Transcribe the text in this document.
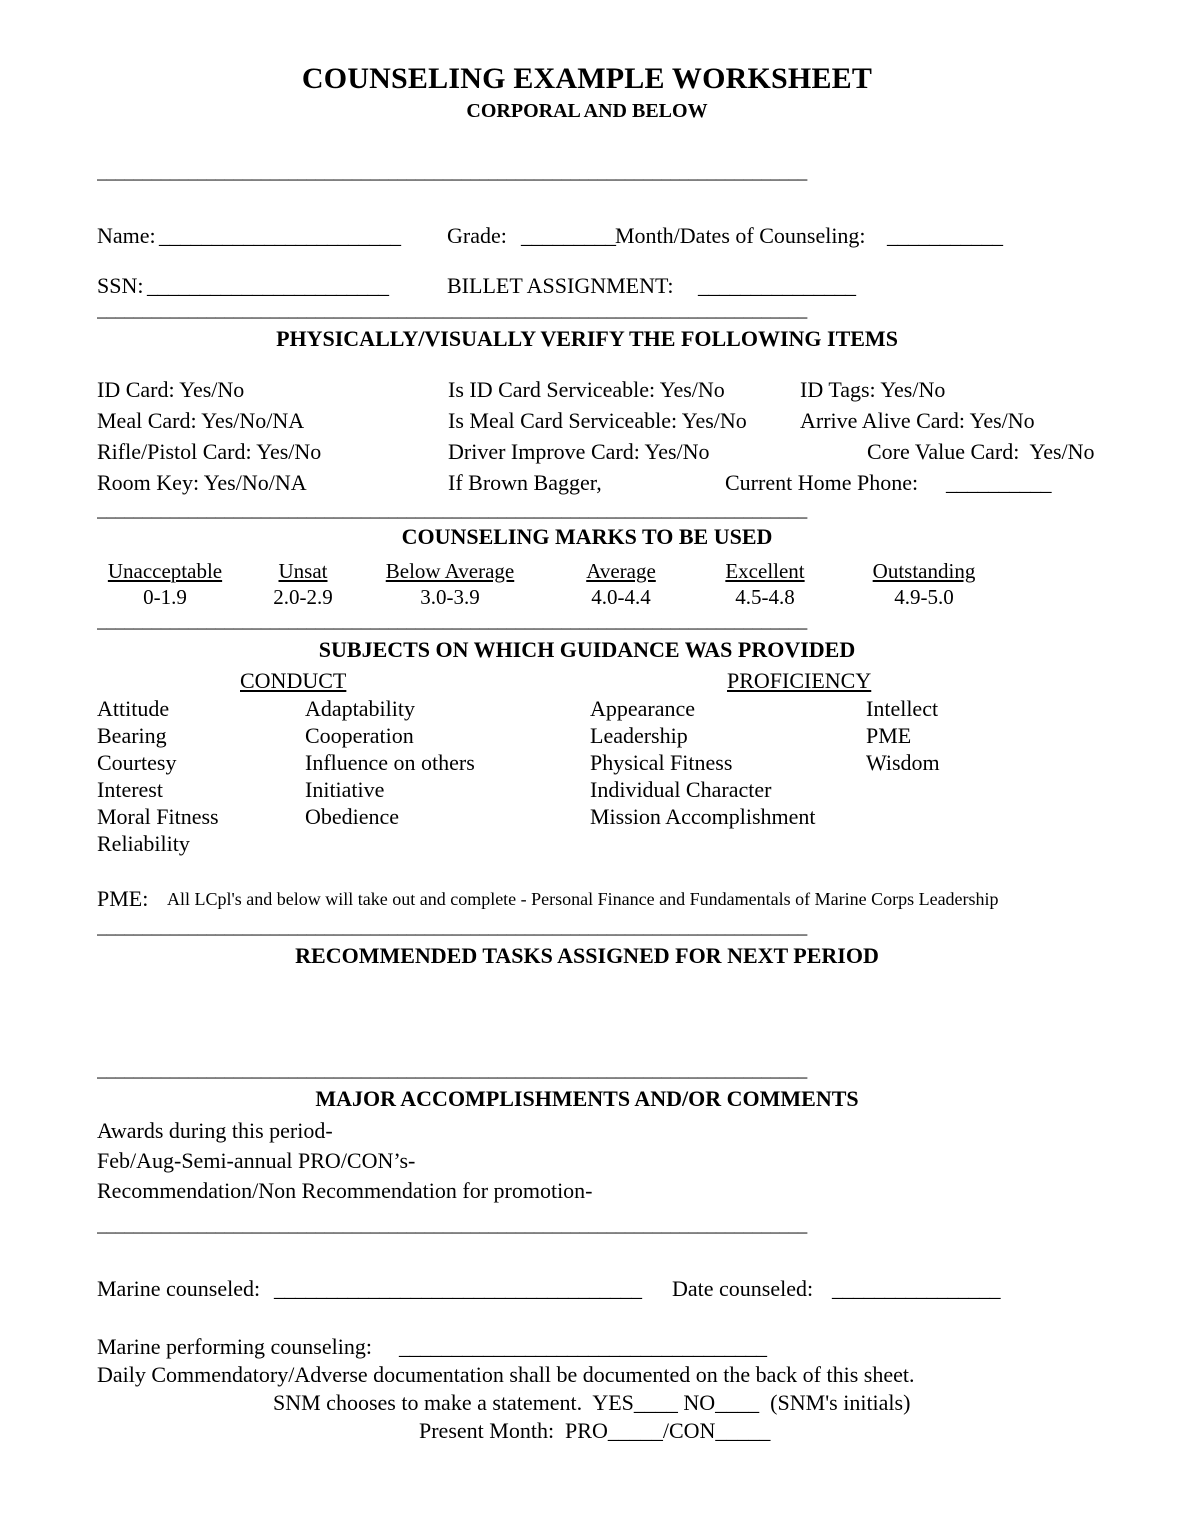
COUNSELING EXAMPLE WORKSHEET
CORPORAL AND BELOW
______________________________________________________________________________
Name: _______________________ Grade: _________ Month/Dates of Counseling: ___________
SSN: _______________________	BILLET ASSIGNMENT: _______________
______________________________________________________________________________
PHYSICALLY/VISUALLY VERIFY THE FOLLOWING ITEMS
ID Card: Yes/No
Meal Card: Yes/No/NA
Rifle/Pistol Card: Yes/No
Room Key: Yes/No/NA
Is ID Card Serviceable: Yes/No
Is Meal Card Serviceable: Yes/No
Driver Improve Card: Yes/No
If Brown Bagger,
ID Tags: Yes/No
Arrive Alive Card: Yes/No
Core Value Card:  Yes/No
Current Home Phone: __________
______________________________________________________________________________
COUNSELING MARKS TO BE USED
Unacceptable
0-1.9
Unsat
2.0-2.9
Below Average
3.0-3.9
Average
4.0-4.4
Excellent
4.5-4.8
Outstanding
4.9-5.0
______________________________________________________________________________
SUBJECTS ON WHICH GUIDANCE WAS PROVIDED
CONDUCT	PROFICIENCY
Attitude
Bearing
Courtesy
Interest
Moral Fitness
Reliability
Adaptability
Cooperation
Influence on others
Initiative
Obedience
Appearance
Leadership
Physical Fitness
Individual Character
Mission Accomplishment
Intellect
PME
Wisdom
PME: All LCpl's and below will take out and complete - Personal Finance and Fundamentals of Marine Corps Leadership
______________________________________________________________________________
RECOMMENDED TASKS ASSIGNED FOR NEXT PERIOD
______________________________________________________________________________
MAJOR ACCOMPLISHMENTS AND/OR COMMENTS
Awards during this period-
Feb/Aug-Semi-annual PRO/CON’s-
Recommendation/Non Recommendation for promotion-
______________________________________________________________________________
Marine counseled: ___________________________________ Date counseled: ________________
Marine performing counseling: ___________________________________
Daily Commendatory/Adverse documentation shall be documented on the back of this sheet.
SNM chooses to make a statement.  YES____ NO____  (SNM's initials)
Present Month:  PRO_____/CON_____
